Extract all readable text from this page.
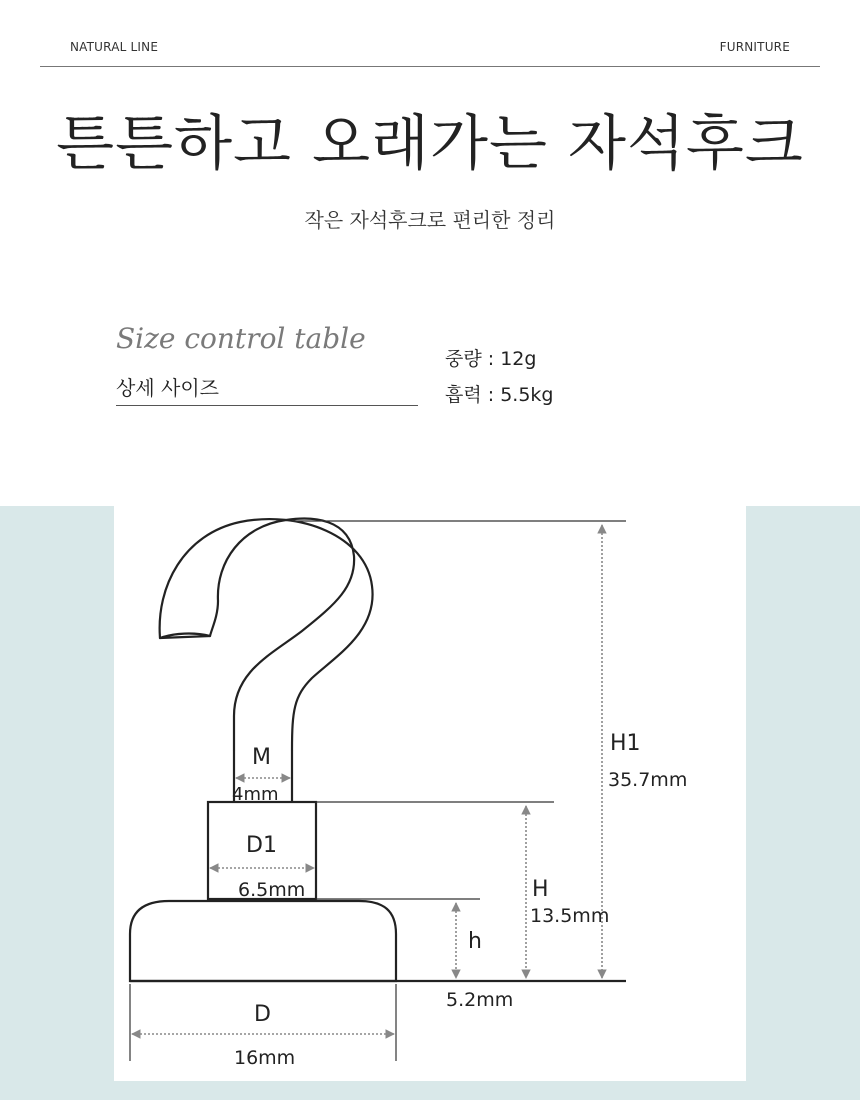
NATURAL LINE	FURNITURE
튼튼하고 오래가는 자석후크
작은 자석후크로 편리한 정리
Size control table
상세 사이즈
중량 : 12g
흡력 : 5.5kg
M
4mm
D1
6.5mm
D
16mm
h
5.2mm
H
13.5mm
H1
35.7mm
